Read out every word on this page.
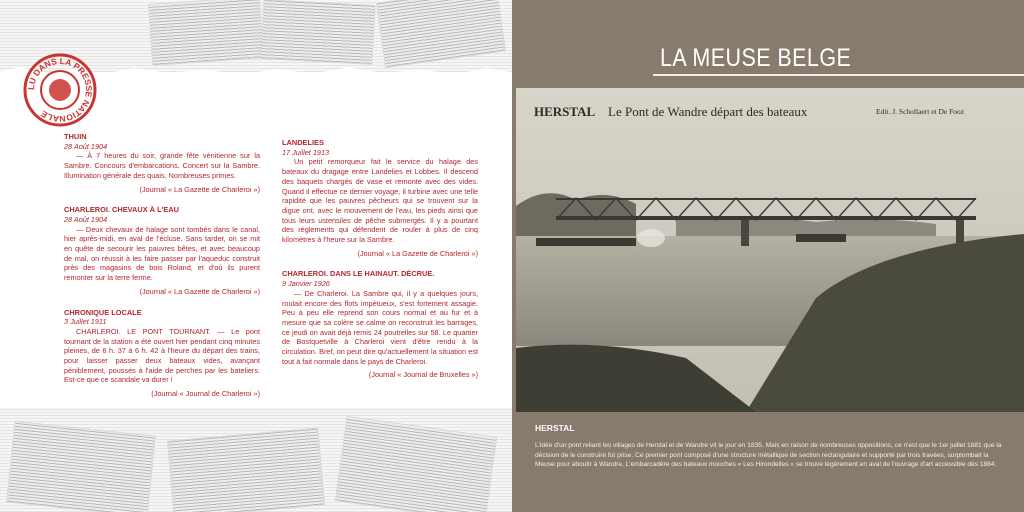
LU DANS LA PRESSE NATIONALE
THUIN
28 Août 1904
— À 7 heures du soir, grande fête vénitienne sur la Sambre. Concours d'embarcations. Concert sur la Sambre. Illumination générale des quais. Nombreuses primes.
(Journal « La Gazette de Charleroi »)
CHARLEROI. CHEVAUX À L'EAU
28 Août 1904
— Deux chevaux de halage sont tombés dans le canal, hier après-midi, en aval de l'écluse. Sans tarder, on se mit en quête de secourir les pauvres bêtes, et avec beaucoup de mal, on réussit à les faire passer par l'aqueduc construit près des magasins de bois Roland, et d'où ils purent remonter sur la terre ferme.
(Journal « La Gazette de Charleroi »)
CHRONIQUE LOCALE
3 Juillet 1911
CHARLEROI. LE PONT TOURNANT. — Le pont tournant de la station a été ouvert hier pendant cinq minutes pleines, de 6 h. 37 à 6 h. 42 à l'heure du départ des trains, pour laisser passer deux bateaux vides, avançant péniblement, poussés à l'aide de perches par les bateliers. Est-ce que ce scandale va durer !
(Journal « Journal de Charleroi »)
LANDELIES
17 Juillet 1913
Un petit remorqueur fait le service du halage des bateaux du dragage entre Landelies et Lobbes. Il descend des baquets chargés de vase et remonte avec des vides. Quand il effectue ce dernier voyage, il turbine avec une telle rapidité que les pauvres pêcheurs qui se trouvent sur la digue ont, avec le mouvement de l'eau, les pieds ainsi que tous leurs ustensiles de pêche submergés. Il y a pourtant des règlements qui défendent de rouler à plus de cinq kilomètres à l'heure sur la Sambre.
(Journal « La Gazette de Charleroi »)
CHARLEROI. DANS LE HAINAUT. DÉCRUE.
9 Janvier 1926
— De Charleroi. La Sambre qui, il y a quelques jours, roulait encore des flots impétueux, s'est fortement assagie. Peu à peu elle reprend son cours normal et au fur et à mesure que sa colère se calme on reconstruit les barrages, ce jeudi on avait déjà remis 24 poutrelles sur 58. Le quartier de Bostquetville à Charleroi vient d'être rendu à la circulation. Bref, on peut dire qu'actuellement la situation est tout à fait normale dans le pays de Charleroi.
(Journal « Journal de Bruxelles »)
LA MEUSE BELGE
HERSTAL Le Pont de Wandre départ des bateaux	Edit. J. Schollaert et De Fooz
HERSTAL
L'idée d'un pont reliant les villages de Herstal et de Wandre vit le jour en 1835. Mais en raison de nombreuses oppositions, ce n'est que le 1er juillet 1881 que la décision de le construire fut prise. Ce premier pont composé d'une structure métallique de section rectangulaire et supporté par trois travées, surplombait la Meuse pour aboutir à Wandre. L'embarcadère des bateaux mouches « Les Hirondelles » se trouve légèrement en aval de l'ouvrage d'art accessible dès 1884.
